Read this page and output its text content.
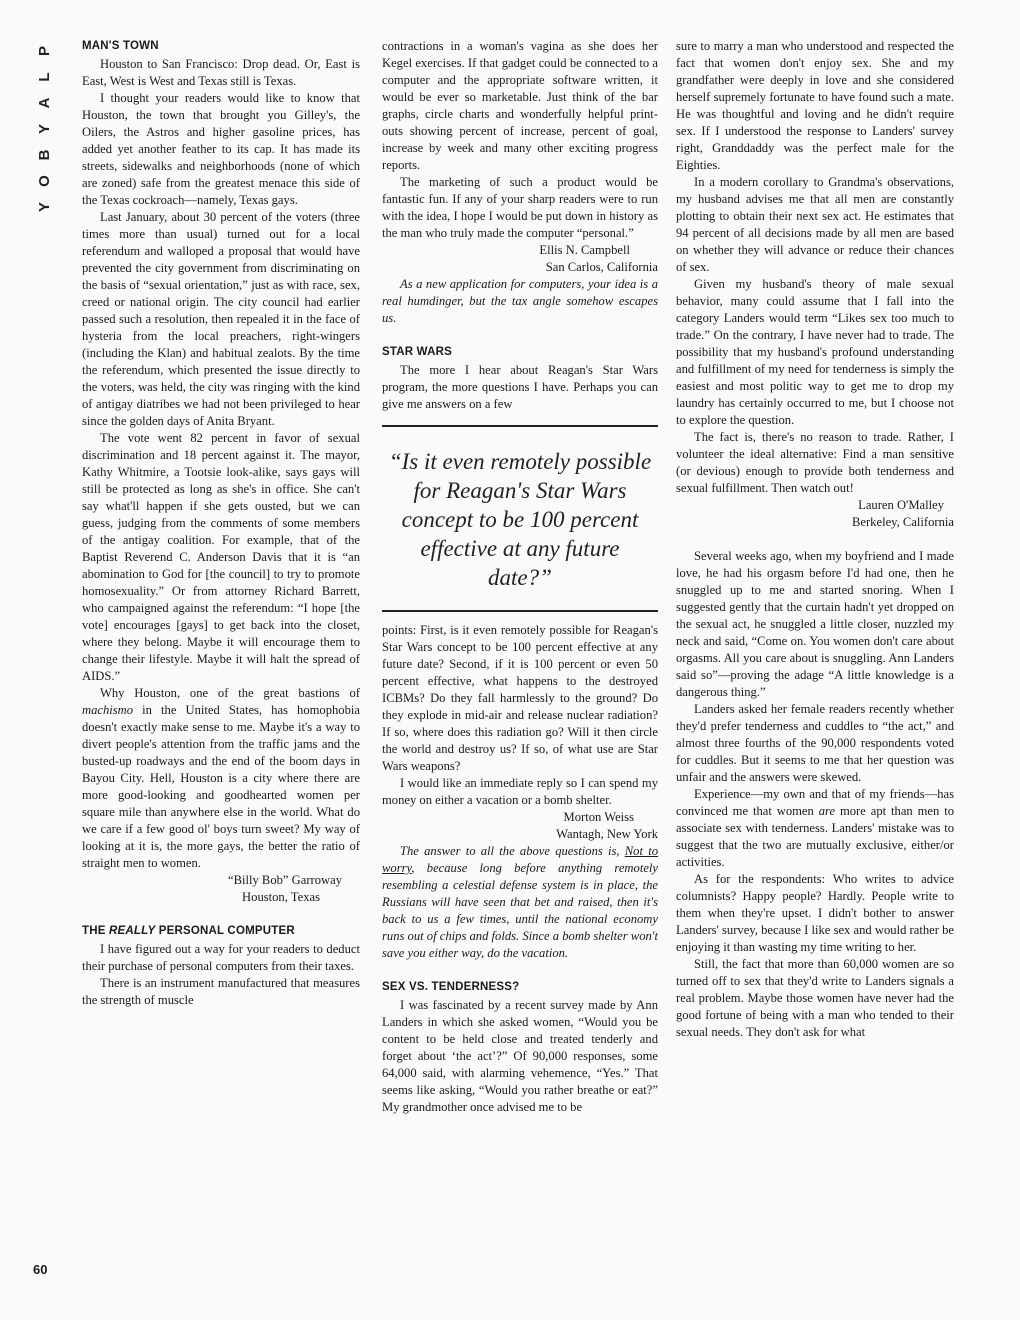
P
L
A
Y
B
O
Y
60
MAN'S TOWN

Houston to San Francisco: Drop dead. Or, East is East, West is West and Texas still is Texas.

I thought your readers would like to know that Houston, the town that brought you Gilley's, the Oilers, the Astros and higher gasoline prices, has added yet another feather to its cap. It has made its streets, sidewalks and neighborhoods (none of which are zoned) safe from the greatest menace this side of the Texas cockroach—namely, Texas gays.

Last January, about 30 percent of the voters (three times more than usual) turned out for a local referendum and walloped a proposal that would have prevented the city government from discriminating on the basis of “sexual orientation,” just as with race, sex, creed or national origin. The city council had earlier passed such a resolution, then repealed it in the face of hysteria from the local preachers, right-wingers (including the Klan) and habitual zealots. By the time the referendum, which presented the issue directly to the voters, was held, the city was ringing with the kind of antigay diatribes we had not been privileged to hear since the golden days of Anita Bryant.

The vote went 82 percent in favor of sexual discrimination and 18 percent against it. The mayor, Kathy Whitmire, a Tootsie look-alike, says gays will still be protected as long as she's in office. She can't say what'll happen if she gets ousted, but we can guess, judging from the comments of some members of the antigay coalition. For example, that of the Baptist Reverend C. Anderson Davis that it is “an abomination to God for [the council] to try to promote homosexuality.” Or from attorney Richard Barrett, who campaigned against the referendum: “I hope [the vote] encourages [gays] to get back into the closet, where they belong. Maybe it will encourage them to change their lifestyle. Maybe it will halt the spread of AIDS.”

Why Houston, one of the great bastions of machismo in the United States, has homophobia doesn't exactly make sense to me. Maybe it's a way to divert people's attention from the traffic jams and the busted-up roadways and the end of the boom days in Bayou City. Hell, Houston is a city where there are more good-looking and goodhearted women per square mile than anywhere else in the world. What do we care if a few good ol' boys turn sweet? My way of looking at it is, the more gays, the better the ratio of straight men to women.

“Billy Bob” Garroway

Houston, Texas

THE REALLY PERSONAL COMPUTER

I have figured out a way for your readers to deduct their purchase of personal computers from their taxes.

There is an instrument manufactured that measures the strength of muscle

contractions in a woman's vagina as she does her Kegel exercises. If that gadget could be connected to a computer and the appropriate software written, it would be ever so marketable. Just think of the bar graphs, circle charts and wonderfully helpful print-outs showing percent of increase, percent of goal, increase by week and many other exciting progress reports.

The marketing of such a product would be fantastic fun. If any of your sharp readers were to run with the idea, I hope I would be put down in history as the man who truly made the computer “personal.”

Ellis N. Campbell

San Carlos, California

As a new application for computers, your idea is a real humdinger, but the tax angle somehow escapes us.

STAR WARS

The more I hear about Reagan's Star Wars program, the more questions I have. Perhaps you can give me answers on a few

“Is it even remotely possible for Reagan's Star Wars concept to be 100 percent effective at any future date?”

points: First, is it even remotely possible for Reagan's Star Wars concept to be 100 percent effective at any future date? Second, if it is 100 percent or even 50 percent effective, what happens to the destroyed ICBMs? Do they fall harmlessly to the ground? Do they explode in mid-air and release nuclear radiation? If so, where does this radiation go? Will it then circle the world and destroy us? If so, of what use are Star Wars weapons?

I would like an immediate reply so I can spend my money on either a vacation or a bomb shelter.

Morton Weiss

Wantagh, New York

The answer to all the above questions is, Not to worry, because long before anything remotely resembling a celestial defense system is in place, the Russians will have seen that bet and raised, then it's back to us a few times, until the national economy runs out of chips and folds. Since a bomb shelter won't save you either way, do the vacation.

SEX VS. TENDERNESS?

I was fascinated by a recent survey made by Ann Landers in which she asked women, “Would you be content to be held close and treated tenderly and forget about ‘the act’?” Of 90,000 responses, some 64,000 said, with alarming vehemence, “Yes.” That seems like asking, “Would you rather breathe or eat?” My grandmother once advised me to be

sure to marry a man who understood and respected the fact that women don't enjoy sex. She and my grandfather were deeply in love and she considered herself supremely fortunate to have found such a mate. He was thoughtful and loving and he didn't require sex. If I understood the response to Landers' survey right, Granddaddy was the perfect male for the Eighties.

In a modern corollary to Grandma's observations, my husband advises me that all men are constantly plotting to obtain their next sex act. He estimates that 94 percent of all decisions made by all men are based on whether they will advance or reduce their chances of sex.

Given my husband's theory of male sexual behavior, many could assume that I fall into the category Landers would term “Likes sex too much to trade.” On the contrary, I have never had to trade. The possibility that my husband's profound understanding and fulfillment of my need for tenderness is simply the easiest and most politic way to get me to drop my laundry has certainly occurred to me, but I choose not to explore the question.

The fact is, there's no reason to trade. Rather, I volunteer the ideal alternative: Find a man sensitive (or devious) enough to provide both tenderness and sexual fulfillment. Then watch out!

Lauren O'Malley

Berkeley, California

Several weeks ago, when my boyfriend and I made love, he had his orgasm before I'd had one, then he snuggled up to me and started snoring. When I suggested gently that the curtain hadn't yet dropped on the sexual act, he snuggled a little closer, nuzzled my neck and said, “Come on. You women don't care about orgasms. All you care about is snuggling. Ann Landers said so”—proving the adage “A little knowledge is a dangerous thing.”

Landers asked her female readers recently whether they'd prefer tenderness and cuddles to “the act,” and almost three fourths of the 90,000 respondents voted for cuddles. But it seems to me that her question was unfair and the answers were skewed.

Experience—my own and that of my friends—has convinced me that women are more apt than men to associate sex with tenderness. Landers' mistake was to suggest that the two are mutually exclusive, either/or activities.

As for the respondents: Who writes to advice columnists? Happy people? Hardly. People write to them when they're upset. I didn't bother to answer Landers' survey, because I like sex and would rather be enjoying it than wasting my time writing to her.

Still, the fact that more than 60,000 women are so turned off to sex that they'd write to Landers signals a real problem. Maybe those women have never had the good fortune of being with a man who tended to their sexual needs. They don't ask for what
